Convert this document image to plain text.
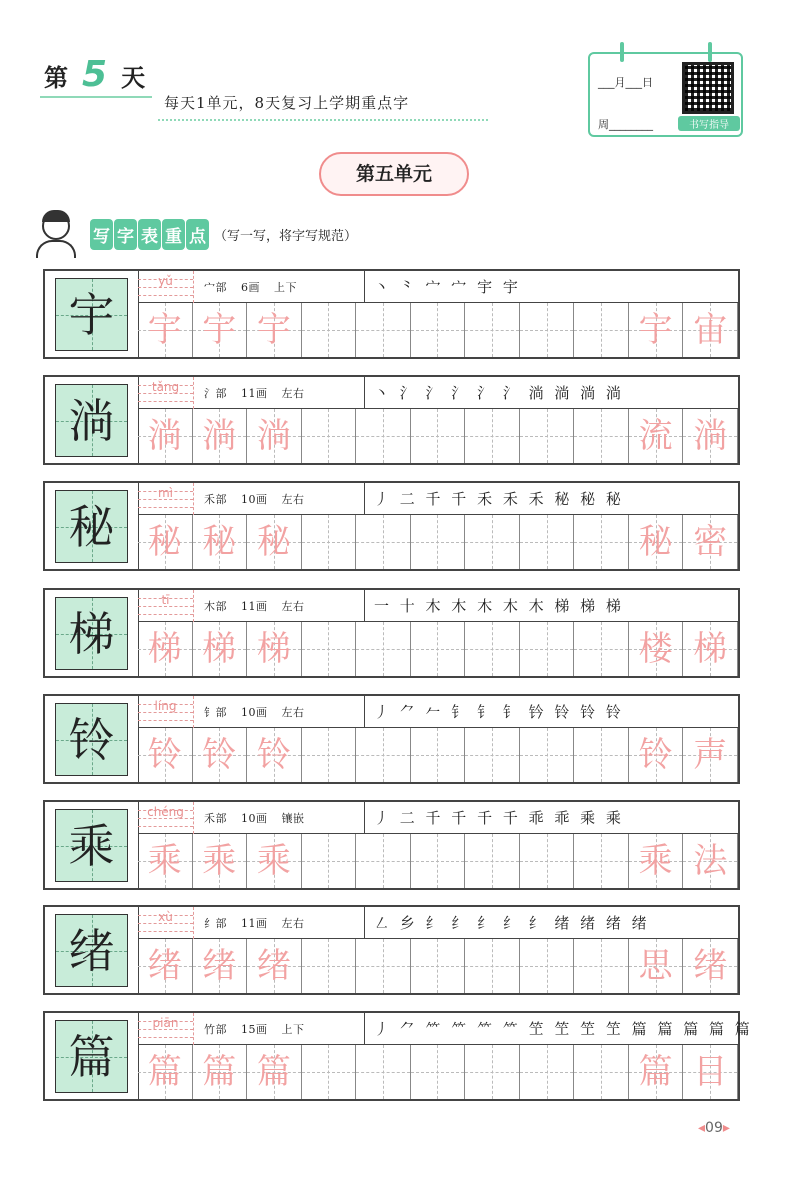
第 5 天
每天1单元，8天复习上学期重点字
___月___日
周________	书写指导
第五单元
写 字 表 重 点 （写一写，将字写规范）
宇
yǔ	宀部 6画 上下	丶 ⺀ 宀 宀 宇 宇
宇 宇 宇	宇 宙
淌
tǎng	氵部 11画 左右	丶 氵 氵 氵 氵 氵 淌 淌 淌 淌
淌 淌 淌	流 淌
秘
mì	禾部 10画 左右	丿 二 千 千 禾 禾 禾 秘 秘 秘
秘 秘 秘	秘 密
梯
tī	木部 11画 左右	一 十 木 木 木 木 木 梯 梯 梯
梯 梯 梯	楼 梯
铃
líng	钅部 10画 左右	丿 ⺈ 𠂉 钅 钅 钅 钤 铃 铃 铃
铃 铃 铃	铃 声
乘
chéng	禾部 10画 镶嵌	丿 二 千 千 千 千 乖 乖 乘 乘
乘 乘 乘	乘 法
绪
xù	纟部 11画 左右	㇜ 乡 纟 纟 纟 纟 纟 绪 绪 绪 绪
绪 绪 绪	思 绪
篇
piān	竹部 15画 上下	丿 ⺈ ⺮ ⺮ ⺮ ⺮ 笁 笁 笁 笁 篇 篇 篇 篇 篇
篇 篇 篇	篇 目
◂09▸
